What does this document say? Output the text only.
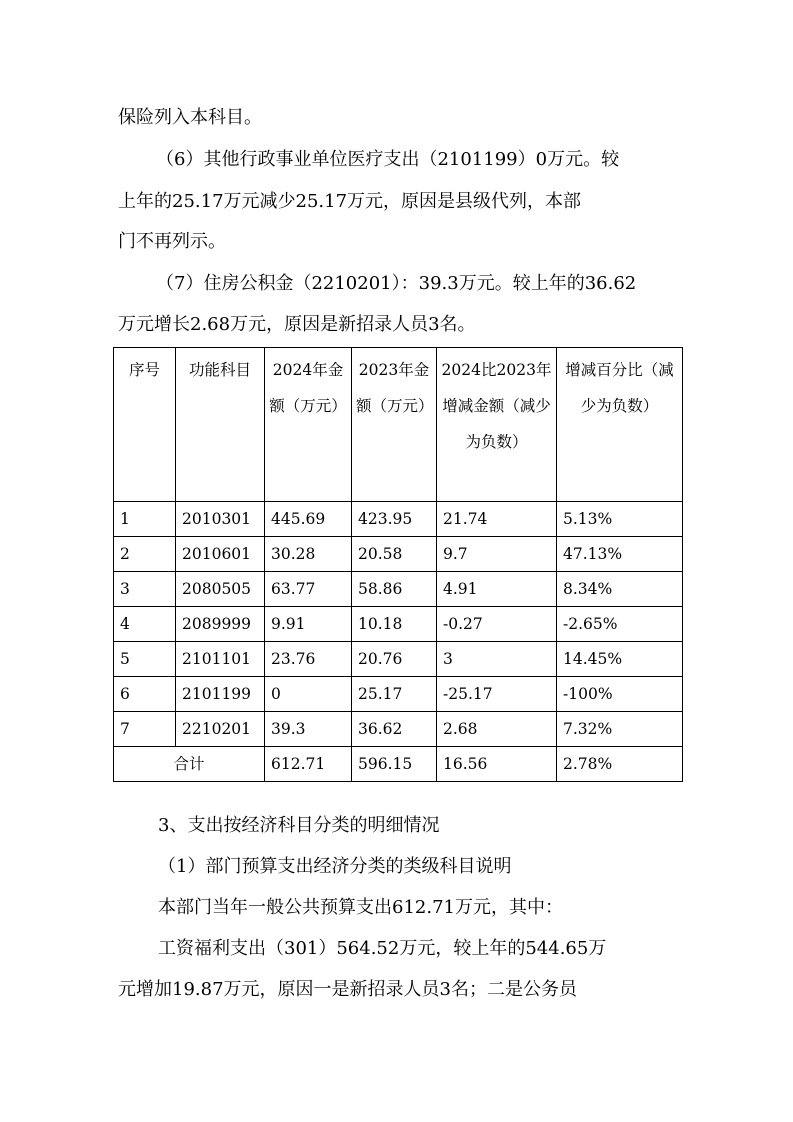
保险列入本科目。
（6）其他行政事业单位医疗支出（2101199）0万元。较
上年的25.17万元减少25.17万元，原因是县级代列，本部
门不再列示。
（7）住房公积金（2210201）：39.3万元。较上年的36.62
万元增长2.68万元，原因是新招录人员3名。
序号	功能科目	2024年金额（万元）	2023年金额（万元）	2024比2023年增减金额（减少为负数）	增减百分比（减少为负数）
1	2010301	445.69	423.95	21.74	5.13%
2	2010601	30.28	20.58	9.7	47.13%
3	2080505	63.77	58.86	4.91	8.34%
4	2089999	9.91	10.18	-0.27	-2.65%
5	2101101	23.76	20.76	3	14.45%
6	2101199	0	25.17	-25.17	-100%
7	2210201	39.3	36.62	2.68	7.32%
合计		612.71	596.15	16.56	2.78%
3、支出按经济科目分类的明细情况
（1）部门预算支出经济分类的类级科目说明
本部门当年一般公共预算支出612.71万元，其中：
工资福利支出（301）564.52万元，较上年的544.65万
元增加19.87万元，原因一是新招录人员3名；二是公务员
